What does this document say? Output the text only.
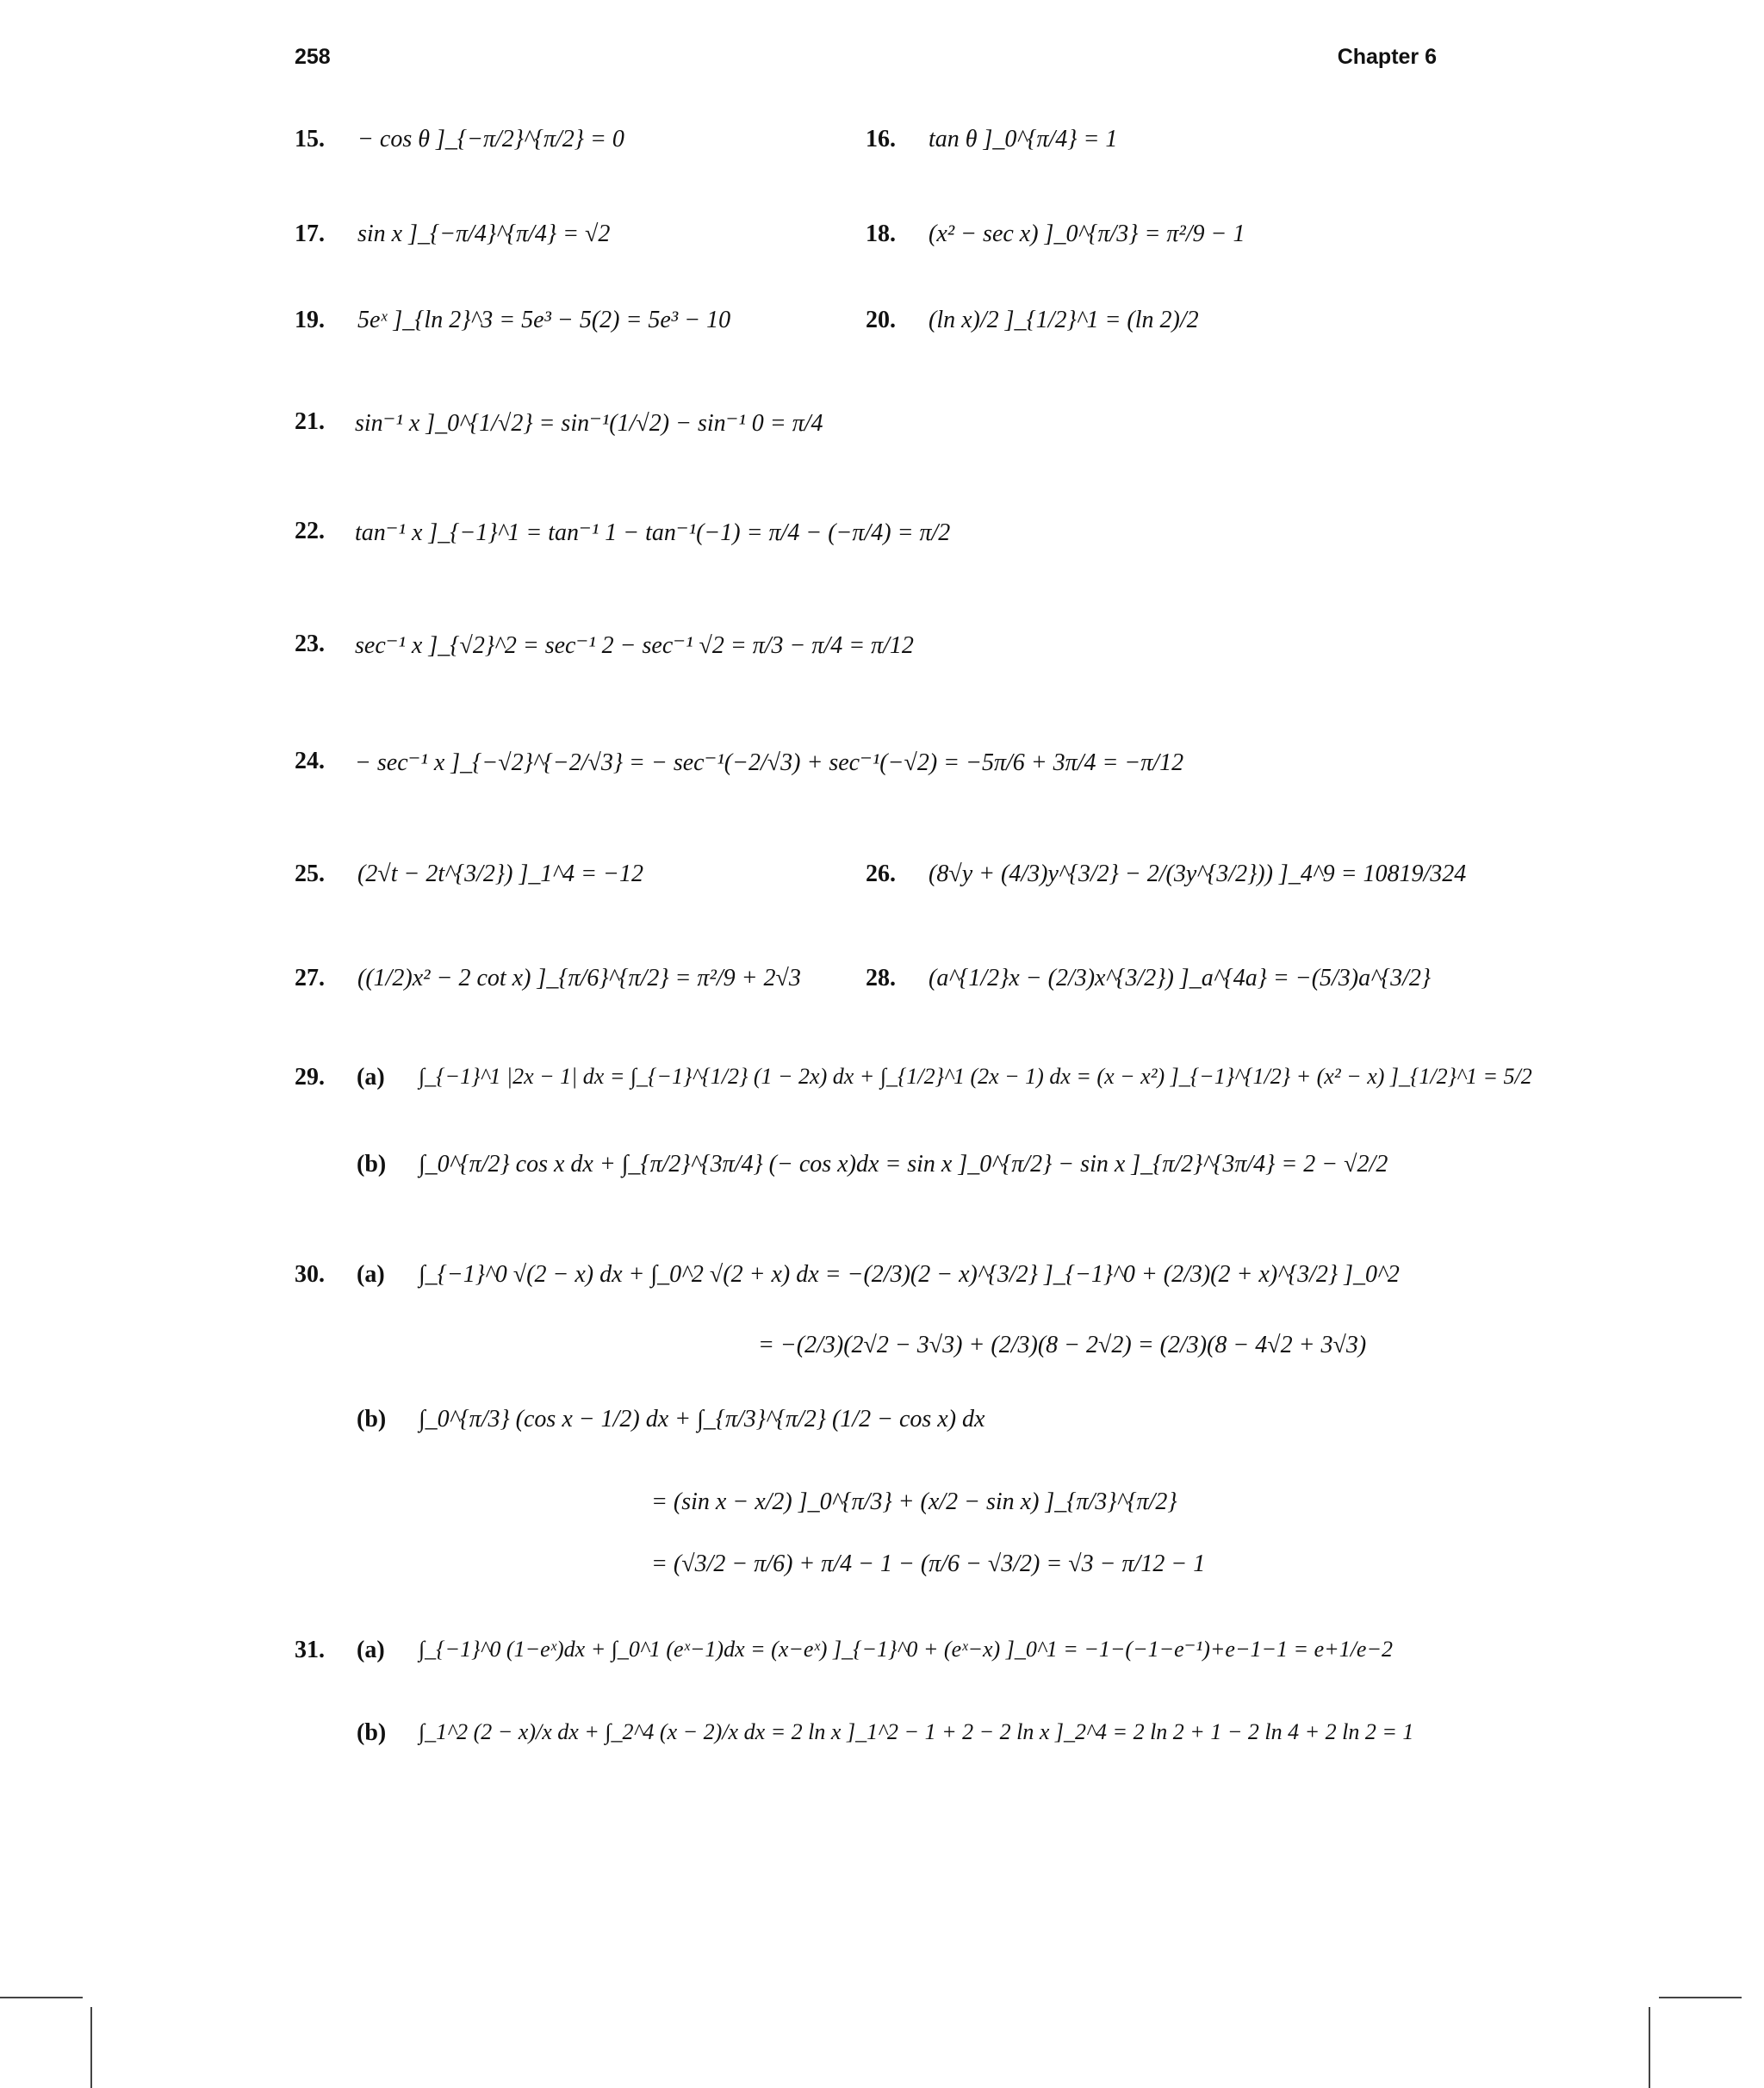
258	Chapter 6
15. − cos θ ]_{−π/2}^{π/2} = 0	16. tan θ ]_0^{π/4} = 1
17. sin x ]_{−π/4}^{π/4} = √2	18. (x² − sec x) ]_0^{π/3} = π²/9 − 1
19. 5eˣ ]_{ln 2}^3 = 5e³ − 5(2) = 5e³ − 10	20. (ln x)/2 ]_{1/2}^1 = (ln 2)/2
21. sin⁻¹ x ]_0^{1/√2} = sin⁻¹(1/√2) − sin⁻¹ 0 = π/4
22. tan⁻¹ x ]_{−1}^1 = tan⁻¹ 1 − tan⁻¹(−1) = π/4 − (−π/4) = π/2
23. sec⁻¹ x ]_{√2}^2 = sec⁻¹ 2 − sec⁻¹ √2 = π/3 − π/4 = π/12
24. − sec⁻¹ x ]_{−√2}^{−2/√3} = − sec⁻¹(−2/√3) + sec⁻¹(−√2) = −5π/6 + 3π/4 = −π/12
25. (2√t − 2t^{3/2}) ]_1^4 = −12	26. (8√y + (4/3)y^{3/2} − 2/(3y^{3/2})) ]_4^9 = 10819/324
27. ((1/2)x² − 2 cot x) ]_{π/6}^{π/2} = π²/9 + 2√3	28. (a^{1/2}x − (2/3)x^{3/2}) ]_a^{4a} = −(5/3)a^{3/2}
29. (a) ∫_{−1}^1 |2x − 1| dx = ∫_{−1}^{1/2} (1 − 2x) dx + ∫_{1/2}^1 (2x − 1) dx = (x − x²) ]_{−1}^{1/2} + (x² − x) ]_{1/2}^1 = 5/2
(b) ∫_0^{π/2} cos x dx + ∫_{π/2}^{3π/4} (− cos x)dx = sin x ]_0^{π/2} − sin x ]_{π/2}^{3π/4} = 2 − √2/2
30. (a) ∫_{−1}^0 √(2 − x) dx + ∫_0^2 √(2 + x) dx = −(2/3)(2 − x)^{3/2} ]_{−1}^0 + (2/3)(2 + x)^{3/2} ]_0^2
= −(2/3)(2√2 − 3√3) + (2/3)(8 − 2√2) = (2/3)(8 − 4√2 + 3√3)
(b) ∫_0^{π/3} (cos x − 1/2) dx + ∫_{π/3}^{π/2} (1/2 − cos x) dx
= (sin x − x/2) ]_0^{π/3} + (x/2 − sin x) ]_{π/3}^{π/2}
= (√3/2 − π/6) + π/4 − 1 − (π/6 − √3/2) = √3 − π/12 − 1
31. (a) ∫_{−1}^0 (1−eˣ)dx + ∫_0^1 (eˣ−1)dx = (x−eˣ) ]_{−1}^0 + (eˣ−x) ]_0^1 = −1−(−1−e⁻¹)+e−1−1 = e+1/e−2
(b) ∫_1^2 (2 − x)/x dx + ∫_2^4 (x − 2)/x dx = 2 ln x ]_1^2 − 1 + 2 − 2 ln x ]_2^4 = 2 ln 2 + 1 − 2 ln 4 + 2 ln 2 = 1
